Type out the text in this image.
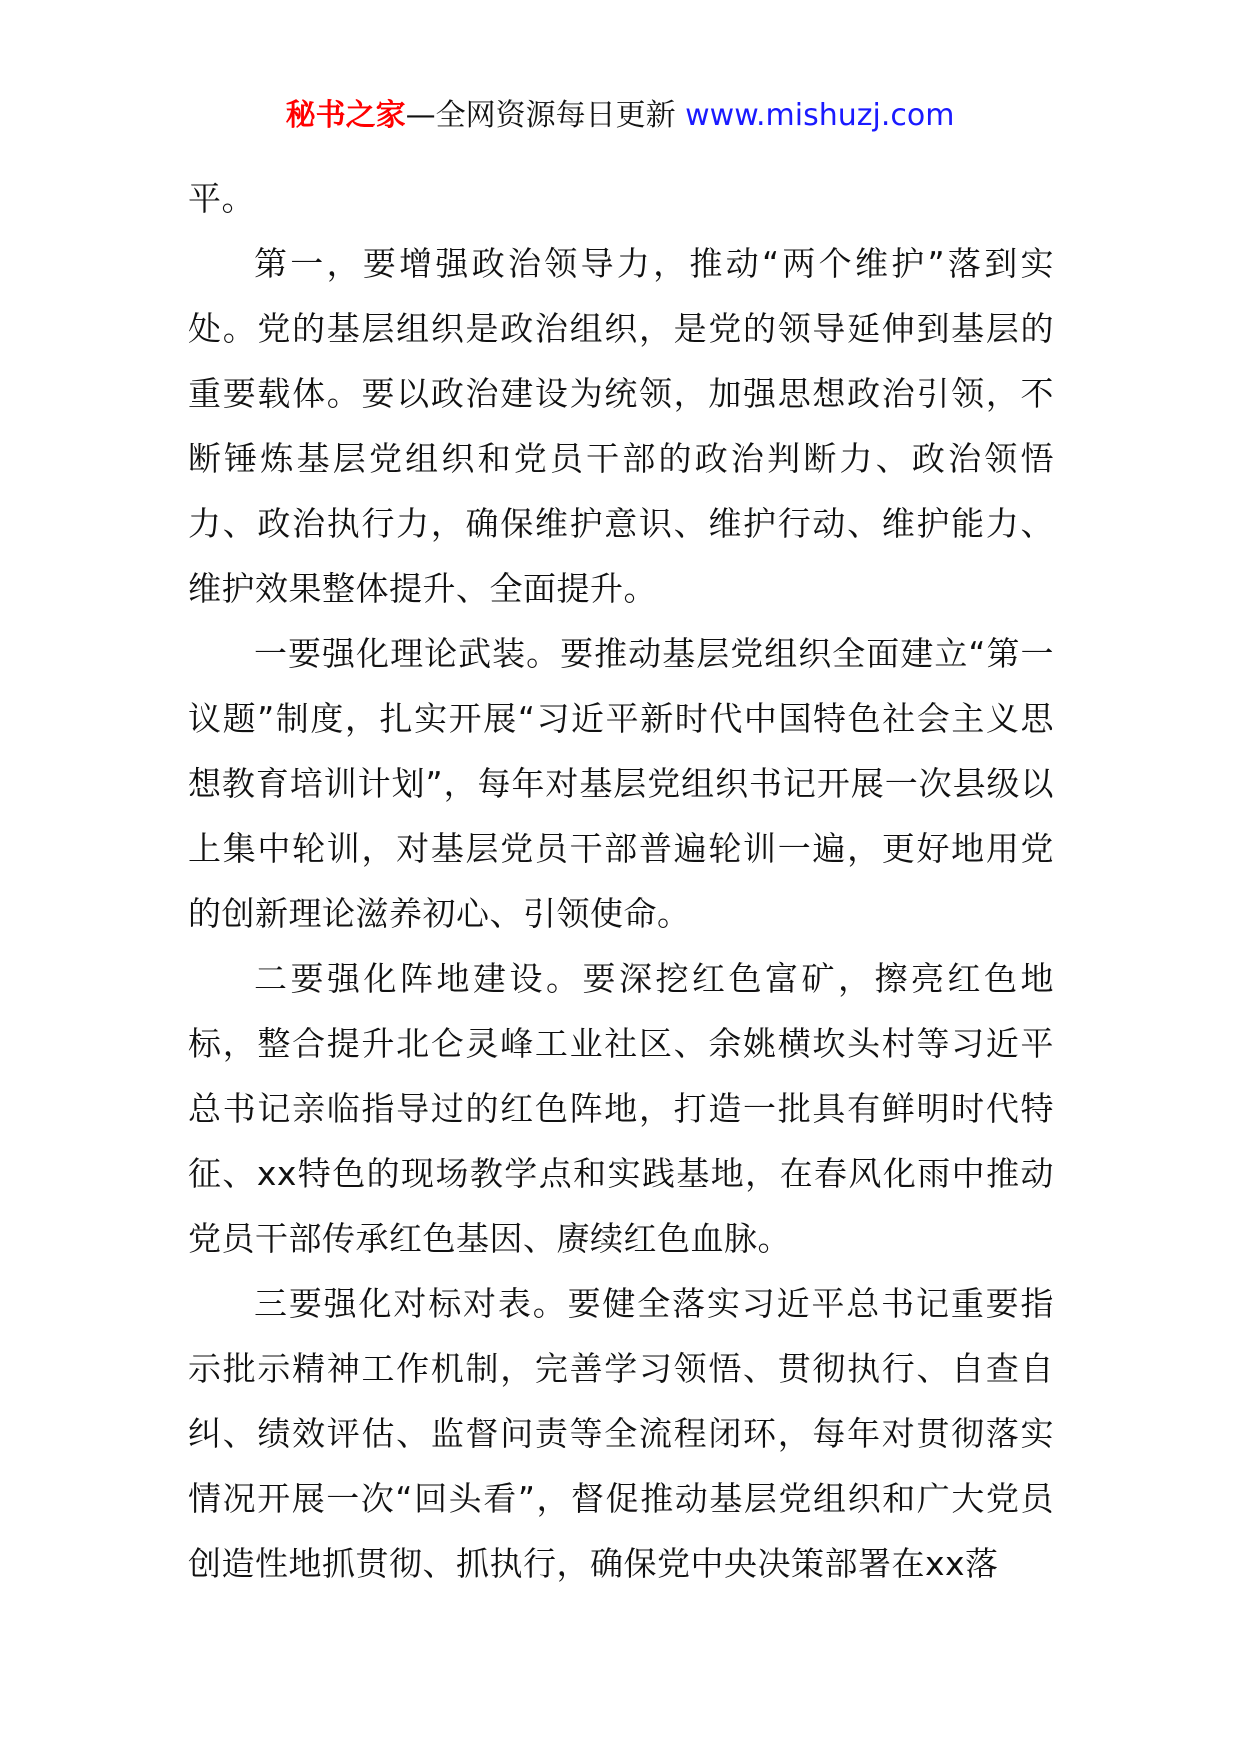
秘书之家—全网资源每日更新 www.mishuzj.com

平。

第一，要增强政治领导力，推动“两个维护”落到实处。党的基层组织是政治组织，是党的领导延伸到基层的重要载体。要以政治建设为统领，加强思想政治引领，不断锤炼基层党组织和党员干部的政治判断力、政治领悟力、政治执行力，确保维护意识、维护行动、维护能力、维护效果整体提升、全面提升。

一要强化理论武装。要推动基层党组织全面建立“第一议题”制度，扎实开展“习近平新时代中国特色社会主义思想教育培训计划”，每年对基层党组织书记开展一次县级以上集中轮训，对基层党员干部普遍轮训一遍，更好地用党的创新理论滋养初心、引领使命。

二要强化阵地建设。要深挖红色富矿，擦亮红色地标，整合提升北仑灵峰工业社区、余姚横坎头村等习近平总书记亲临指导过的红色阵地，打造一批具有鲜明时代特征、xx特色的现场教学点和实践基地，在春风化雨中推动党员干部传承红色基因、赓续红色血脉。

三要强化对标对表。要健全落实习近平总书记重要指示批示精神工作机制，完善学习领悟、贯彻执行、自查自纠、绩效评估、监督问责等全流程闭环，每年对贯彻落实情况开展一次“回头看”，督促推动基层党组织和广大党员创造性地抓贯彻、抓执行，确保党中央决策部署在xx落
